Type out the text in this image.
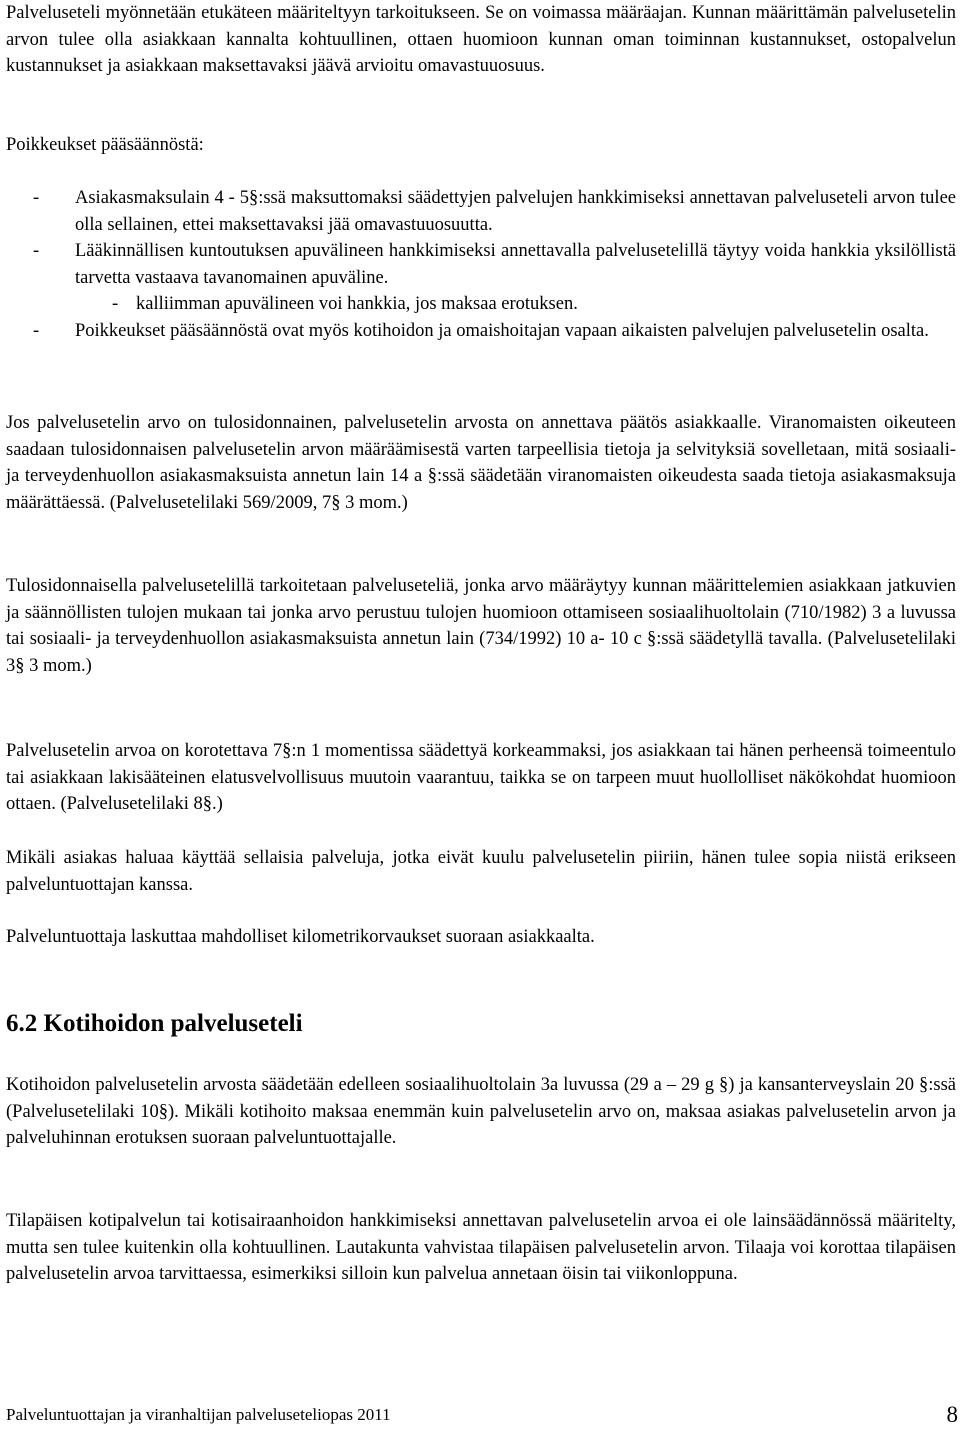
Palveluseteli myönnetään etukäteen määriteltyyn tarkoitukseen. Se on voimassa määräajan. Kunnan määrittämän palvelusetelin arvon tulee olla asiakkaan kannalta kohtuullinen, ottaen huomioon kunnan oman toiminnan kustannukset, ostopalvelun kustannukset ja asiakkaan maksettavaksi jäävä arvioitu omavastuuosuus.

Poikkeukset pääsäännöstä:

- Asiakasmaksulain 4 - 5§:ssä maksuttomaksi säädettyjen palvelujen hankkimiseksi annettavan palveluseteli arvon tulee olla sellainen, ettei maksettavaksi jää omavastuuosuutta.
- Lääkinnällisen kuntoutuksen apuvälineen hankkimiseksi annettavalla palvelusetelillä täytyy voida hankkia yksilöllistä tarvetta vastaava tavanomainen apuväline.
- kalliimman apuvälineen voi hankkia, jos maksaa erotuksen.
- Poikkeukset pääsäännöstä ovat myös kotihoidon ja omaishoitajan vapaan aikaisten palvelujen palvelusetelin osalta.

Jos palvelusetelin arvo on tulosidonnainen, palvelusetelin arvosta on annettava päätös asiakkaalle. Viranomaisten oikeuteen saadaan tulosidonnaisen palvelusetelin arvon määräämisestä varten tarpeellisia tietoja ja selvityksiä sovelletaan, mitä sosiaali- ja terveydenhuollon asiakasmaksuista annetun lain 14 a §:ssä säädetään viranomaisten oikeudesta saada tietoja asiakasmaksuja määrättäessä. (Palvelusetelilaki 569/2009, 7§ 3 mom.)

Tulosidonnaisella palvelusetelillä tarkoitetaan palveluseteliä, jonka arvo määräytyy kunnan määrittelemien asiakkaan jatkuvien ja säännöllisten tulojen mukaan tai jonka arvo perustuu tulojen huomioon ottamiseen sosiaalihuoltolain (710/1982) 3 a luvussa tai sosiaali- ja terveydenhuollon asiakasmaksuista annetun lain (734/1992) 10 a- 10 c §:ssä säädetyllä tavalla. (Palvelusetelilaki 3§ 3 mom.)

Palvelusetelin arvoa on korotettava 7§:n 1 momentissa säädettyä korkeammaksi, jos asiakkaan tai hänen perheensä toimeentulo tai asiakkaan lakisääteinen elatusvelvollisuus muutoin vaarantuu, taikka se on tarpeen muut huollolliset näkökohdat huomioon ottaen. (Palvelusetelilaki 8§.)

Mikäli asiakas haluaa käyttää sellaisia palveluja, jotka eivät kuulu palvelusetelin piiriin, hänen tulee sopia niistä erikseen palveluntuottajan kanssa.

Palveluntuottaja laskuttaa mahdolliset kilometrikorvaukset suoraan asiakkaalta.

6.2 Kotihoidon palveluseteli

Kotihoidon palvelusetelin arvosta säädetään edelleen sosiaalihuoltolain 3a luvussa (29 a – 29 g §) ja kansanterveyslain 20 §:ssä (Palvelusetelilaki 10§). Mikäli kotihoito maksaa enemmän kuin palvelusetelin arvo on, maksaa asiakas palvelusetelin arvon ja palveluhinnan erotuksen suoraan palveluntuottajalle.

Tilapäisen kotipalvelun tai kotisairaanhoidon hankkimiseksi annettavan palvelusetelin arvoa ei ole lainsäädännössä määritelty, mutta sen tulee kuitenkin olla kohtuullinen. Lautakunta vahvistaa tilapäisen palvelusetelin arvon. Tilaaja voi korottaa tilapäisen palvelusetelin arvoa tarvittaessa, esimerkiksi silloin kun palvelua annetaan öisin tai viikonloppuna.

Palveluntuottajan ja viranhaltijan palveluseteliopas 2011	8
